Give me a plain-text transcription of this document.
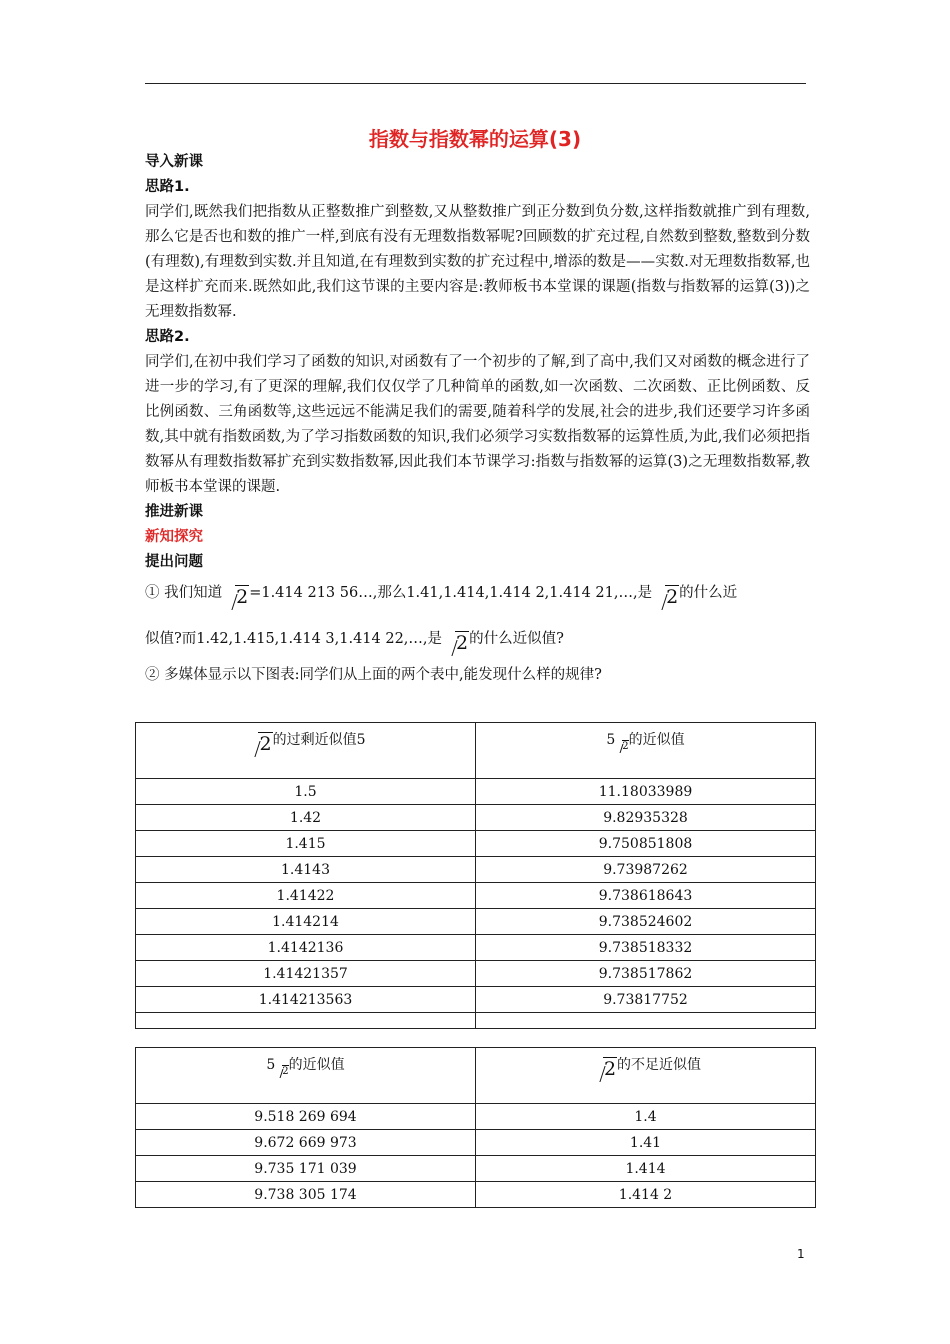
指数与指数幂的运算(3)
导入新课
思路1.

同学们,既然我们把指数从正整数推广到整数,又从整数推广到正分数到负分数,这样指数就推广到有理数,那么它是否也和数的推广一样,到底有没有无理数指数幂呢?回顾数的扩充过程,自然数到整数,整数到分数(有理数),有理数到实数.并且知道,在有理数到实数的扩充过程中,增添的数是——实数.对无理数指数幂,也是这样扩充而来.既然如此,我们这节课的主要内容是:教师板书本堂课的课题(指数与指数幂的运算(3))之无理数指数幂.

思路2.

同学们,在初中我们学习了函数的知识,对函数有了一个初步的了解,到了高中,我们又对函数的概念进行了进一步的学习,有了更深的理解,我们仅仅学了几种简单的函数,如一次函数、二次函数、正比例函数、反比例函数、三角函数等,这些远远不能满足我们的需要,随着科学的发展,社会的进步,我们还要学习许多函数,其中就有指数函数,为了学习指数函数的知识,我们必须学习实数指数幂的运算性质,为此,我们必须把指数幂从有理数指数幂扩充到实数指数幂,因此我们本节课学习:指数与指数幂的运算(3)之无理数指数幂,教师板书本堂课的课题.

推进新课
新知探究
提出问题

① 我们知道 2=1.414 213 56…,那么1.41,1.414,1.414 2,1.414 21,…,是 2的什么近

似值?而1.42,1.415,1.414 3,1.414 22,…,是 2的什么近似值?

② 多媒体显示以下图表:同学们从上面的两个表中,能发现什么样的规律?

2的过剩近似值5	5 2的近似值
1.5	11.18033989
1.42	9.82935328
1.415	9.750851808
1.4143	9.73987262
1.41422	9.738618643
1.414214	9.738524602
1.4142136	9.738518332
1.41421357	9.738517862
1.414213563	9.73817752

5 2的近似值	2的不足近似值
9.518 269 694	1.4
9.672 669 973	1.41
9.735 171 039	1.414
9.738 305 174	1.414 2
1
